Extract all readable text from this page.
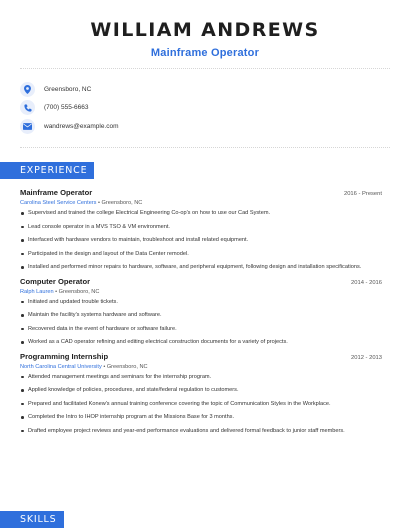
WILLIAM ANDREWS
Mainframe Operator
Greensboro, NC
(700) 555-6663
wandrews@example.com
EXPERIENCE
Mainframe Operator	2016 - Present
Carolina Steel Service Centers • Greensboro, NC
Supervised and trained the college Electrical Engineering Co-op's on how to use our Cad System.
Lead console operator in a MVS TSO & VM environment.
Interfaced with hardware vendors to maintain, troubleshoot and install related equipment.
Participated in the design and layout of the Data Center remodel.
Installed and performed minor repairs to hardware, software, and peripheral equipment, following design and installation specifications.
Computer Operator	2014 - 2016
Ralph Lauren • Greensboro, NC
Initiated and updated trouble tickets.
Maintain the facility's systems hardware and software.
Recovered data in the event of hardware or software failure.
Worked as a CAD operator refining and editing electrical construction documents for a variety of projects.
Programming Internship	2012 - 2013
North Carolina Central University • Greensboro, NC
Attended management meetings and seminars for the internship program.
Applied knowledge of policies, procedures, and state/federal regulation to customers.
Prepared and facilitated Konew's annual training conference covering the topic of Communication Styles in the Workplace.
Completed the Intro to IHOP internship program at the Missions Base for 3 months.
Drafted employee project reviews and year-end performance evaluations and delivered formal feedback to junior staff members.
SKILLS
